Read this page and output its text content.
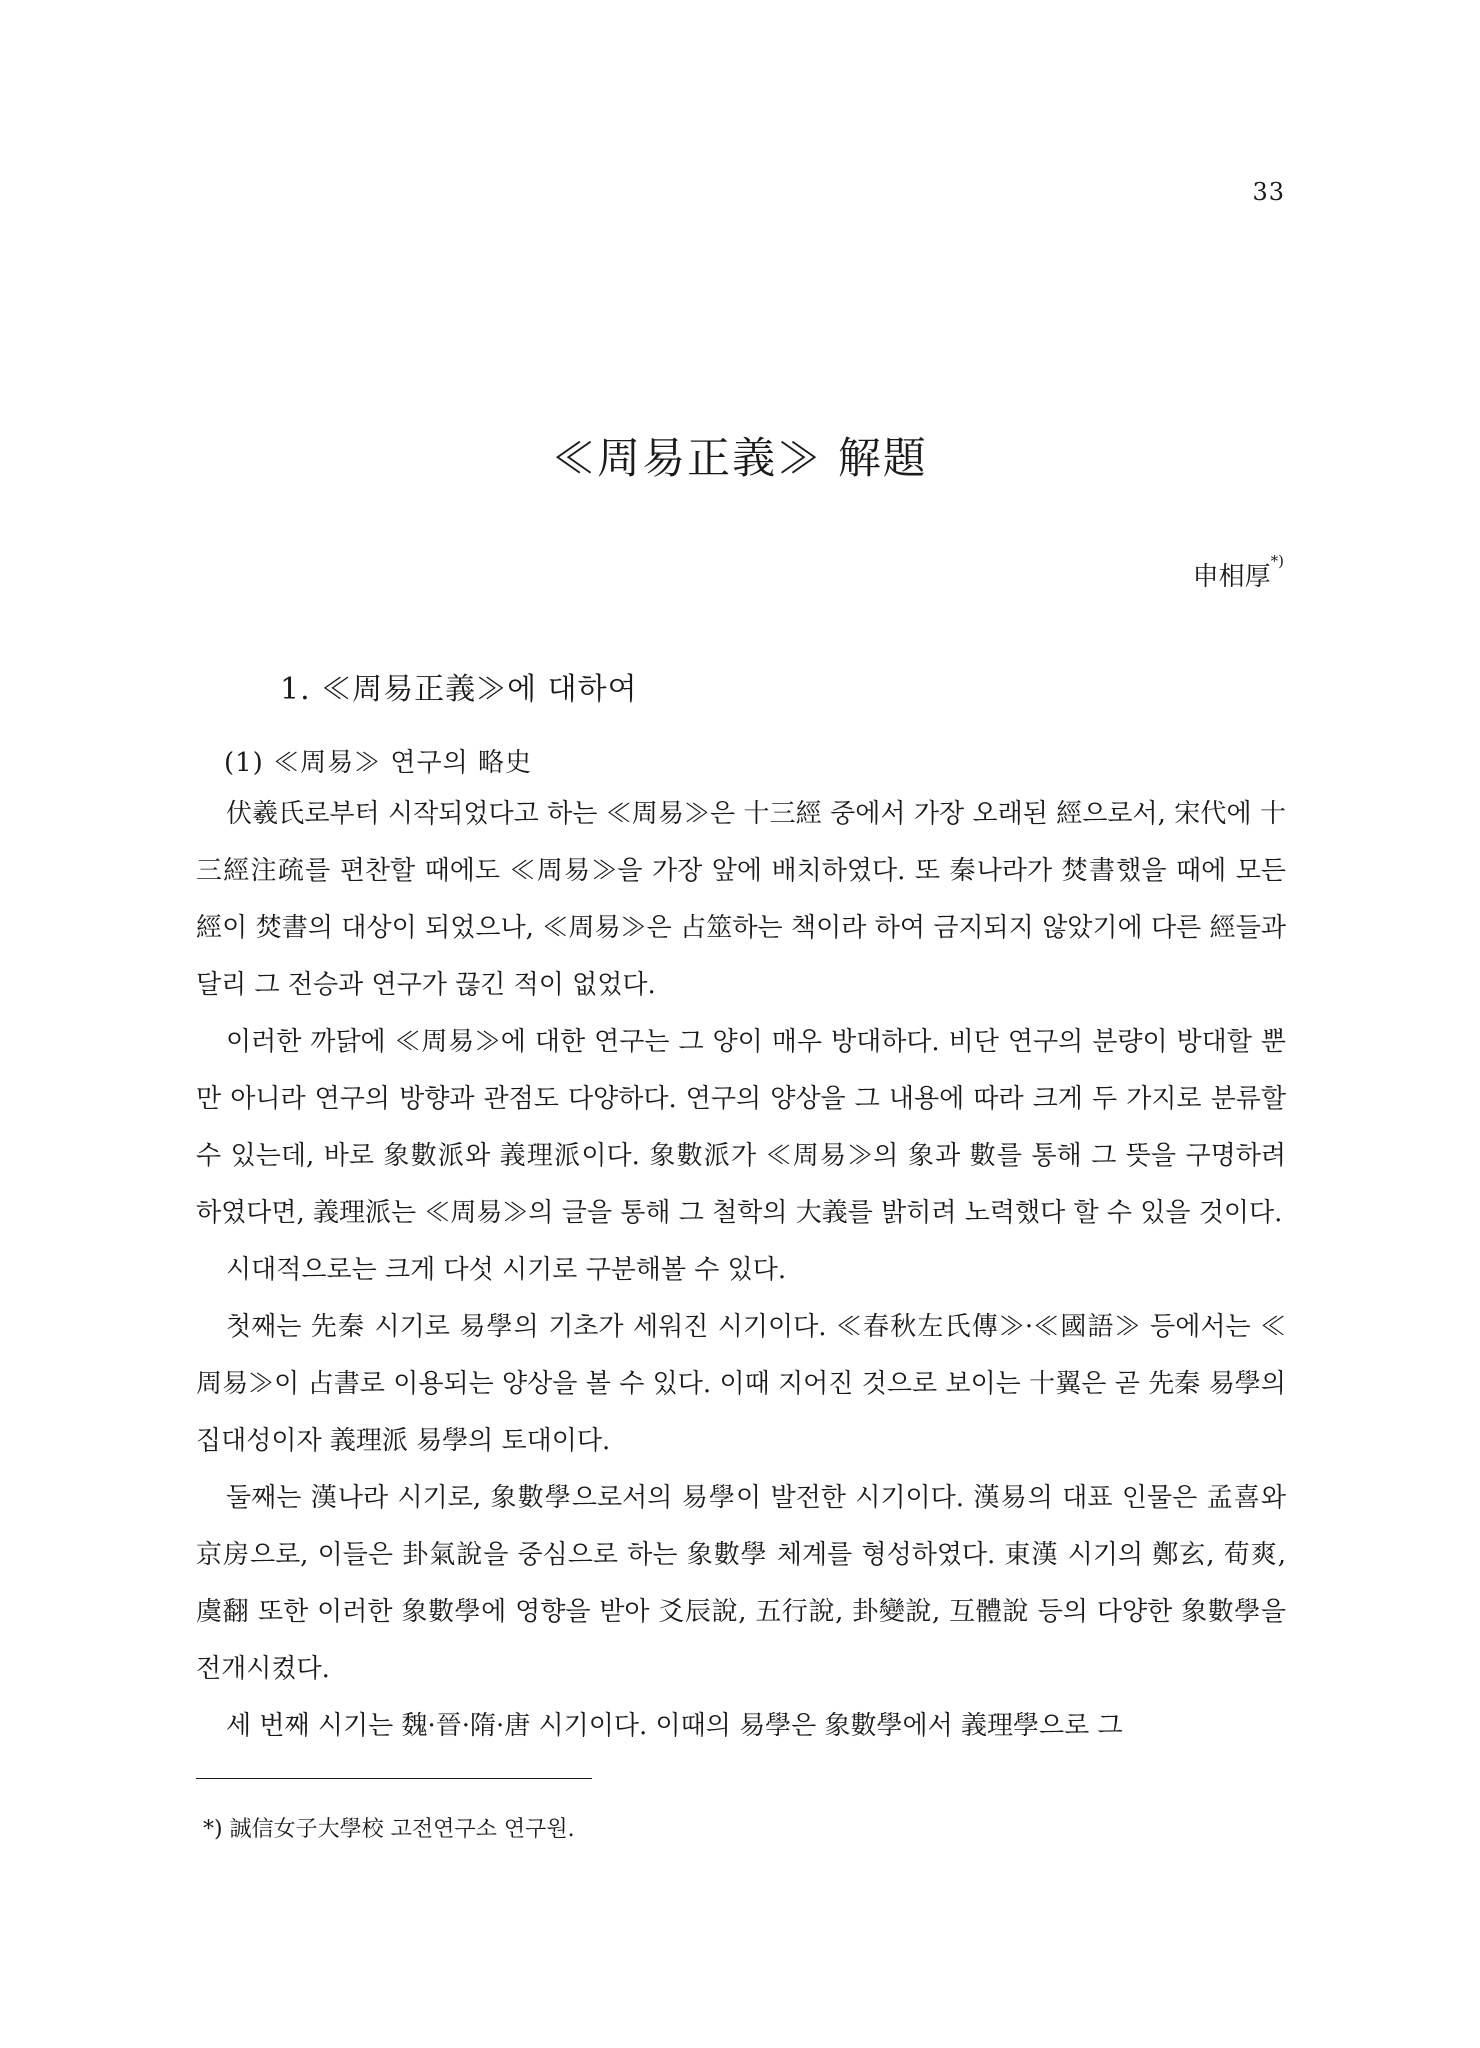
33
≪周易正義≫ 解題
申相厚*)
1. ≪周易正義≫에 대하여
(1) ≪周易≫ 연구의 略史

伏羲氏로부터 시작되었다고 하는 ≪周易≫은 十三經 중에서 가장 오래된 經으로서, 宋代에 十三經注疏를 편찬할 때에도 ≪周易≫을 가장 앞에 배치하였다. 또 秦나라가 焚書했을 때에 모든 經이 焚書의 대상이 되었으나, ≪周易≫은 占筮하는 책이라 하여 금지되지 않았기에 다른 經들과 달리 그 전승과 연구가 끊긴 적이 없었다.

이러한 까닭에 ≪周易≫에 대한 연구는 그 양이 매우 방대하다. 비단 연구의 분량이 방대할 뿐만 아니라 연구의 방향과 관점도 다양하다. 연구의 양상을 그 내용에 따라 크게 두 가지로 분류할 수 있는데, 바로 象數派와 義理派이다. 象數派가 ≪周易≫의 象과 數를 통해 그 뜻을 구명하려 하였다면, 義理派는 ≪周易≫의 글을 통해 그 철학의 大義를 밝히려 노력했다 할 수 있을 것이다.

시대적으로는 크게 다섯 시기로 구분해볼 수 있다.

첫째는 先秦 시기로 易學의 기초가 세워진 시기이다. ≪春秋左氏傳≫·≪國語≫ 등에서는 ≪周易≫이 占書로 이용되는 양상을 볼 수 있다. 이때 지어진 것으로 보이는 十翼은 곧 先秦 易學의 집대성이자 義理派 易學의 토대이다.

둘째는 漢나라 시기로, 象數學으로서의 易學이 발전한 시기이다. 漢易의 대표 인물은 孟喜와 京房으로, 이들은 卦氣說을 중심으로 하는 象數學 체계를 형성하였다. 東漢 시기의 鄭玄, 荀爽, 虞翻 또한 이러한 象數學에 영향을 받아 爻辰說, 五行說, 卦變說, 互體說 등의 다양한 象數學을 전개시켰다.

세 번째 시기는 魏·晉·隋·唐 시기이다. 이때의 易學은 象數學에서 義理學으로 그

*) 誠信女子大學校 고전연구소 연구원.
